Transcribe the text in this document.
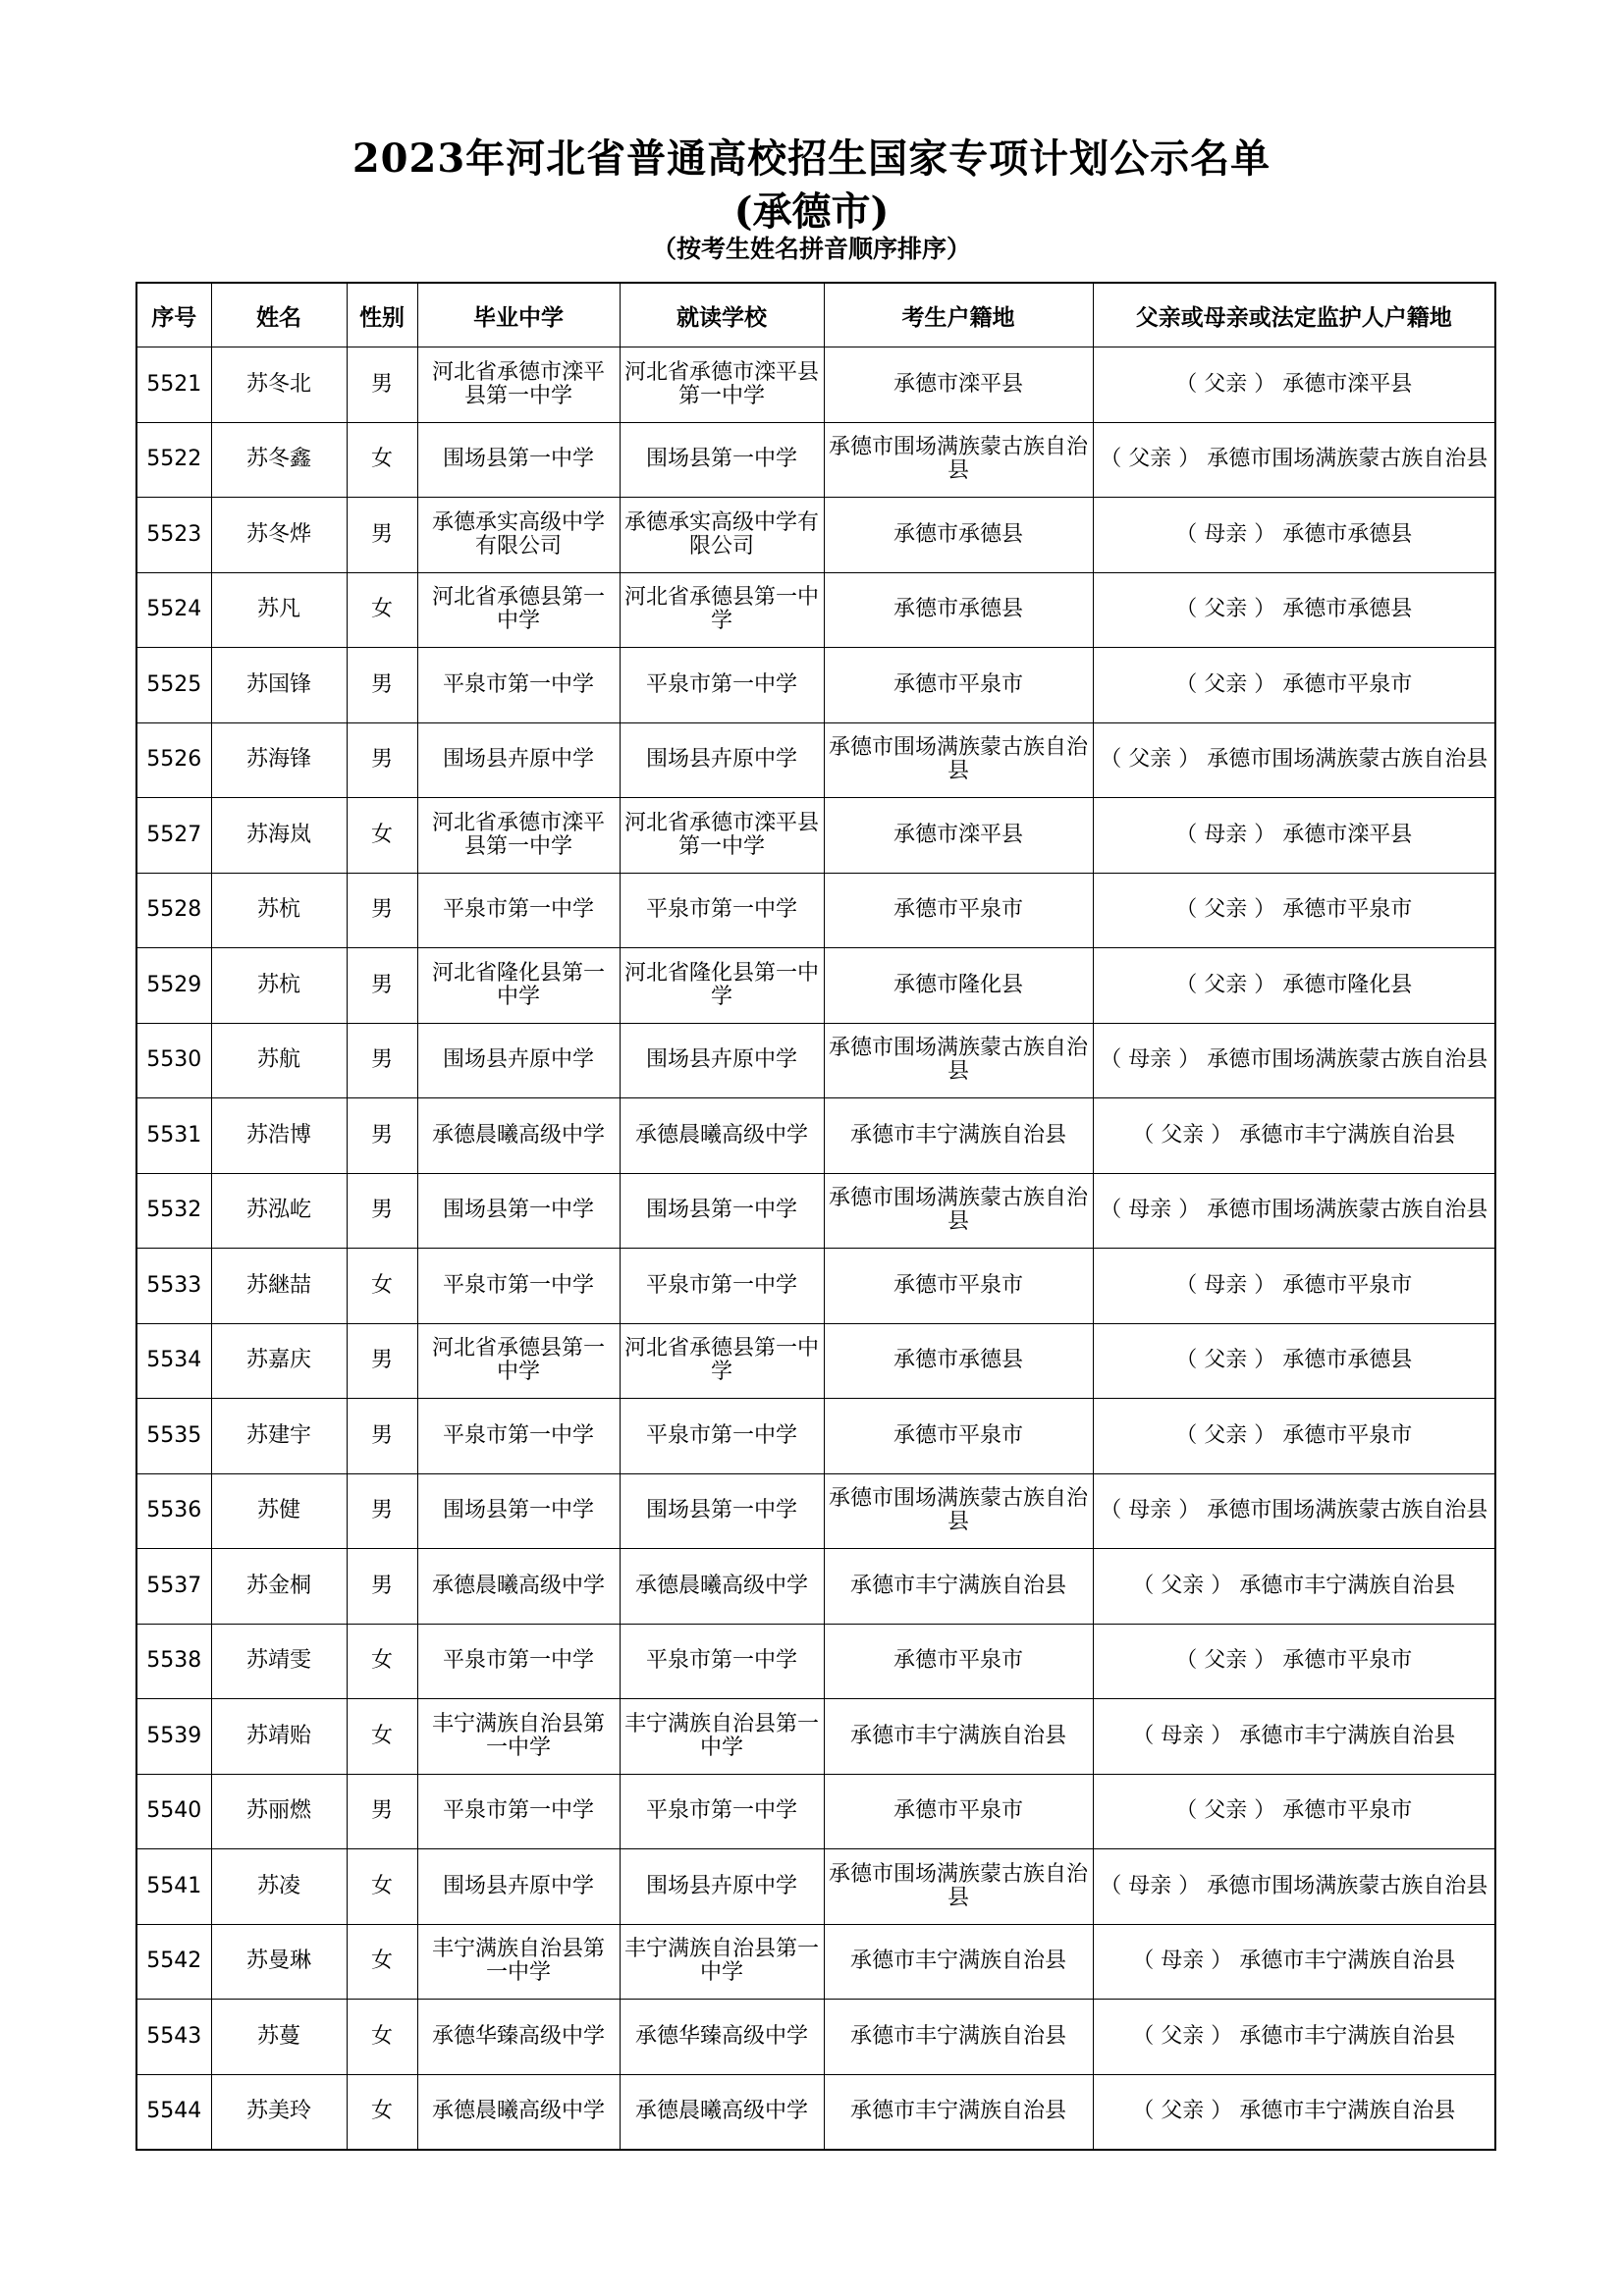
2023年河北省普通高校招生国家专项计划公示名单
(承德市)
（按考生姓名拼音顺序排序）
序号	姓名	性别	毕业中学	就读学校	考生户籍地	父亲或母亲或法定监护人户籍地
5521	苏冬北	男	河北省承德市滦平县第一中学	河北省承德市滦平县第一中学	承德市滦平县	（ 父亲 ） 承德市滦平县

5522	苏冬鑫	女	围场县第一中学	围场县第一中学	承德市围场满族蒙古族自治县	（ 父亲 ） 承德市围场满族蒙古族自治县

5523	苏冬烨	男	承德承实高级中学有限公司	承德承实高级中学有限公司	承德市承德县	（ 母亲 ） 承德市承德县

5524	苏凡	女	河北省承德县第一中学	河北省承德县第一中学	承德市承德县	（ 父亲 ） 承德市承德县

5525	苏国锋	男	平泉市第一中学	平泉市第一中学	承德市平泉市	（ 父亲 ） 承德市平泉市

5526	苏海锋	男	围场县卉原中学	围场县卉原中学	承德市围场满族蒙古族自治县	（ 父亲 ） 承德市围场满族蒙古族自治县

5527	苏海岚	女	河北省承德市滦平县第一中学	河北省承德市滦平县第一中学	承德市滦平县	（ 母亲 ） 承德市滦平县

5528	苏杭	男	平泉市第一中学	平泉市第一中学	承德市平泉市	（ 父亲 ） 承德市平泉市

5529	苏杭	男	河北省隆化县第一中学	河北省隆化县第一中学	承德市隆化县	（ 父亲 ） 承德市隆化县

5530	苏航	男	围场县卉原中学	围场县卉原中学	承德市围场满族蒙古族自治县	（ 母亲 ） 承德市围场满族蒙古族自治县

5531	苏浩博	男	承德晨曦高级中学	承德晨曦高级中学	承德市丰宁满族自治县	（ 父亲 ） 承德市丰宁满族自治县

5532	苏泓屹	男	围场县第一中学	围场县第一中学	承德市围场满族蒙古族自治县	（ 母亲 ） 承德市围场满族蒙古族自治县

5533	苏継喆	女	平泉市第一中学	平泉市第一中学	承德市平泉市	（ 母亲 ） 承德市平泉市

5534	苏嘉庆	男	河北省承德县第一中学	河北省承德县第一中学	承德市承德县	（ 父亲 ） 承德市承德县

5535	苏建宇	男	平泉市第一中学	平泉市第一中学	承德市平泉市	（ 父亲 ） 承德市平泉市

5536	苏健	男	围场县第一中学	围场县第一中学	承德市围场满族蒙古族自治县	（ 母亲 ） 承德市围场满族蒙古族自治县

5537	苏金桐	男	承德晨曦高级中学	承德晨曦高级中学	承德市丰宁满族自治县	（ 父亲 ） 承德市丰宁满族自治县

5538	苏靖雯	女	平泉市第一中学	平泉市第一中学	承德市平泉市	（ 父亲 ） 承德市平泉市

5539	苏靖贻	女	丰宁满族自治县第一中学	丰宁满族自治县第一中学	承德市丰宁满族自治县	（ 母亲 ） 承德市丰宁满族自治县

5540	苏丽燃	男	平泉市第一中学	平泉市第一中学	承德市平泉市	（ 父亲 ） 承德市平泉市

5541	苏凌	女	围场县卉原中学	围场县卉原中学	承德市围场满族蒙古族自治县	（ 母亲 ） 承德市围场满族蒙古族自治县

5542	苏曼琳	女	丰宁满族自治县第一中学	丰宁满族自治县第一中学	承德市丰宁满族自治县	（ 母亲 ） 承德市丰宁满族自治县

5543	苏蔓	女	承德华臻高级中学	承德华臻高级中学	承德市丰宁满族自治县	（ 父亲 ） 承德市丰宁满族自治县

5544	苏美玲	女	承德晨曦高级中学	承德晨曦高级中学	承德市丰宁满族自治县	（ 父亲 ） 承德市丰宁满族自治县
